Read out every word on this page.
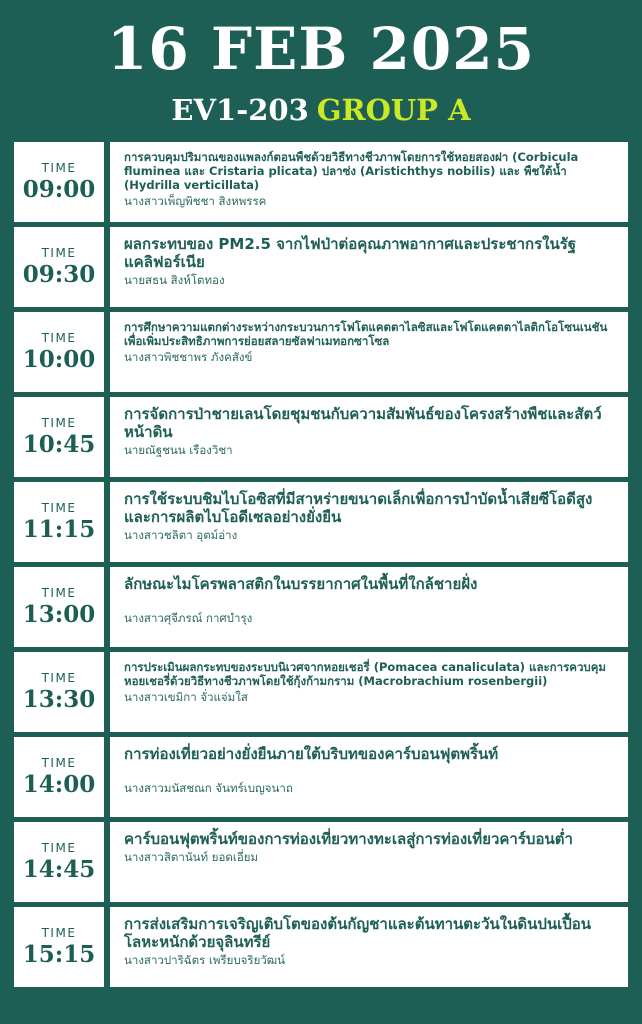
16 FEB 2025
EV1-203 GROUP A
TIME
09:00
การควบคุมปริมาณของแพลงก์ตอนพืชด้วยวิธีทางชีวภาพโดยการใช้หอยสองฝา (Corbicula fluminea และ Cristaria plicata) ปลาซ่ง (Aristichthys nobilis) และ พืชใต้น้ำ (Hydrilla verticillata)
นางสาวเพ็ญพิชชา สิงหพรรค
TIME
09:30
ผลกระทบของ PM2.5 จากไฟป่าต่อคุณภาพอากาศและประชากรในรัฐแคลิฟอร์เนีย
นายสธน สิงห์โตทอง
TIME
10:00
การศึกษาความแตกต่างระหว่างกระบวนการโฟโตแคตตาไลซิสและโฟโตแคตตาไลติกโอโซนเนชันเพื่อเพิ่มประสิทธิภาพการย่อยสลายซัลฟาเมทอกซาโซล
นางสาวพิชชาพร ภังคสังข์
TIME
10:45
การจัดการป่าชายเลนโดยชุมชนกับความสัมพันธ์ของโครงสร้างพืชและสัตว์หน้าดิน
นายณัฐชนน เรืองวิชา
TIME
11:15
การใช้ระบบชิมไบโอซิสที่มีสาหร่ายขนาดเล็กเพื่อการบำบัดน้ำเสียซีโอดีสูงและการผลิตไบโอดีเซลอย่างยั่งยืน
นางสาวชลิตา อุตม์อ่าง
TIME
13:00
ลักษณะไมโครพลาสติกในบรรยากาศในพื้นที่ใกล้ชายฝั่ง
นางสาวศุจีภรณ์ กาศบำรุง
TIME
13:30
การประเมินผลกระทบของระบบนิเวศจากหอยเชอรี่ (Pomacea canaliculata) และการควบคุมหอยเชอรี่ด้วยวิธีทางชีวภาพโดยใช้กุ้งก้ามกราม (Macrobrachium rosenbergii)
นางสาวเขมิกา จั่วแจ่มใส
TIME
14:00
การท่องเที่ยวอย่างยั่งยืนภายใต้บริบทของคาร์บอนฟุตพริ้นท์
นางสาวมนัสชณก จันทร์เบญจนาถ
TIME
14:45
คาร์บอนฟุตพริ้นท์ของการท่องเที่ยวทางทะเลสู่การท่องเที่ยวคาร์บอนต่ำ
นางสาวสิตานันท์ ยอดเอี่ยม
TIME
15:15
การส่งเสริมการเจริญเติบโตของต้นกัญชาและต้นทานตะวันในดินปนเปื้อนโลหะหนักด้วยจุลินทรีย์
นางสาวปาริฉัตร เพรียบจริยวัฒน์
